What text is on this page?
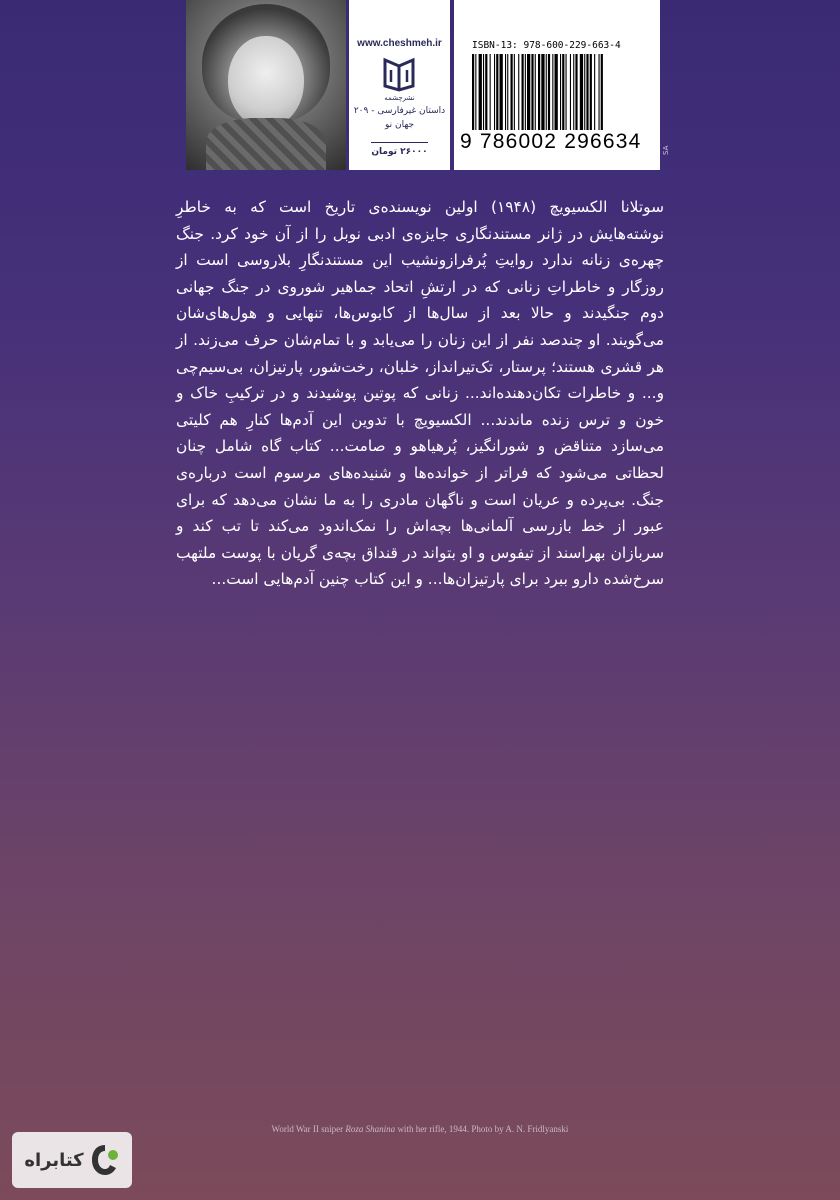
www.cheshmeh.ir
نشرچشمه
داستان غیرفارسی - ۲۰۹
جهان نو
۲۶۰۰۰ تومان
ISBN-13: 978-600-229-663-4
9 786002 296634	SA
سوتلانا الکسیویچ (۱۹۴۸) اولین نویسنده‌ی تاریخ است که به خاطرِ نوشته‌هایش در ژانر مستندنگاری جایزه‌ی ادبی نوبل را از آن خود کرد. جنگ چهره‌ی زنانه ندارد روایتِ پُرفرازونشیب این مستندنگارِ بلاروسی است از روزگار و خاطراتِ زنانی که در ارتشِ اتحاد جماهیر شوروی در جنگ جهانی دوم جنگیدند و حالا بعد از سال‌ها از کابوس‌ها، تنهایی و هول‌های‌شان می‌گویند. او چندصد نفر از این زنان را می‌یابد و با تمام‌شان حرف می‌زند. از هر قشری هستند؛ پرستار، تک‌تیرانداز، خلبان، رخت‌شور، پارتیزان، بی‌سیم‌چی و... و خاطرات تکان‌دهنده‌اند... زنانی که پوتین پوشیدند و در ترکیبِ خاک و خون و ترس زنده ماندند... الکسیویچ با تدوین این آدم‌ها کنارِ هم کلیتی می‌سازد متناقض و شورانگیز، پُرهیاهو و صامت... کتاب گاه شامل چنان لحظاتی می‌شود که فراتر از خوانده‌ها و شنیده‌های مرسوم است درباره‌ی جنگ. بی‌پرده و عریان است و ناگهان مادری را به ما نشان می‌دهد که برای عبور از خط بازرسی آلمانی‌ها بچه‌اش را نمک‌اندود می‌کند تا تب کند و سربازان بهراسند از تیفوس و او بتواند در قنداق بچه‌ی گریان با پوست ملتهب سرخ‌شده دارو ببرد برای پارتیزان‌ها... و این کتاب چنین آدم‌هایی است...
World War II sniper Roza Shanina with her rifle, 1944. Photo by A. N. Fridlyanski
کتابراه
